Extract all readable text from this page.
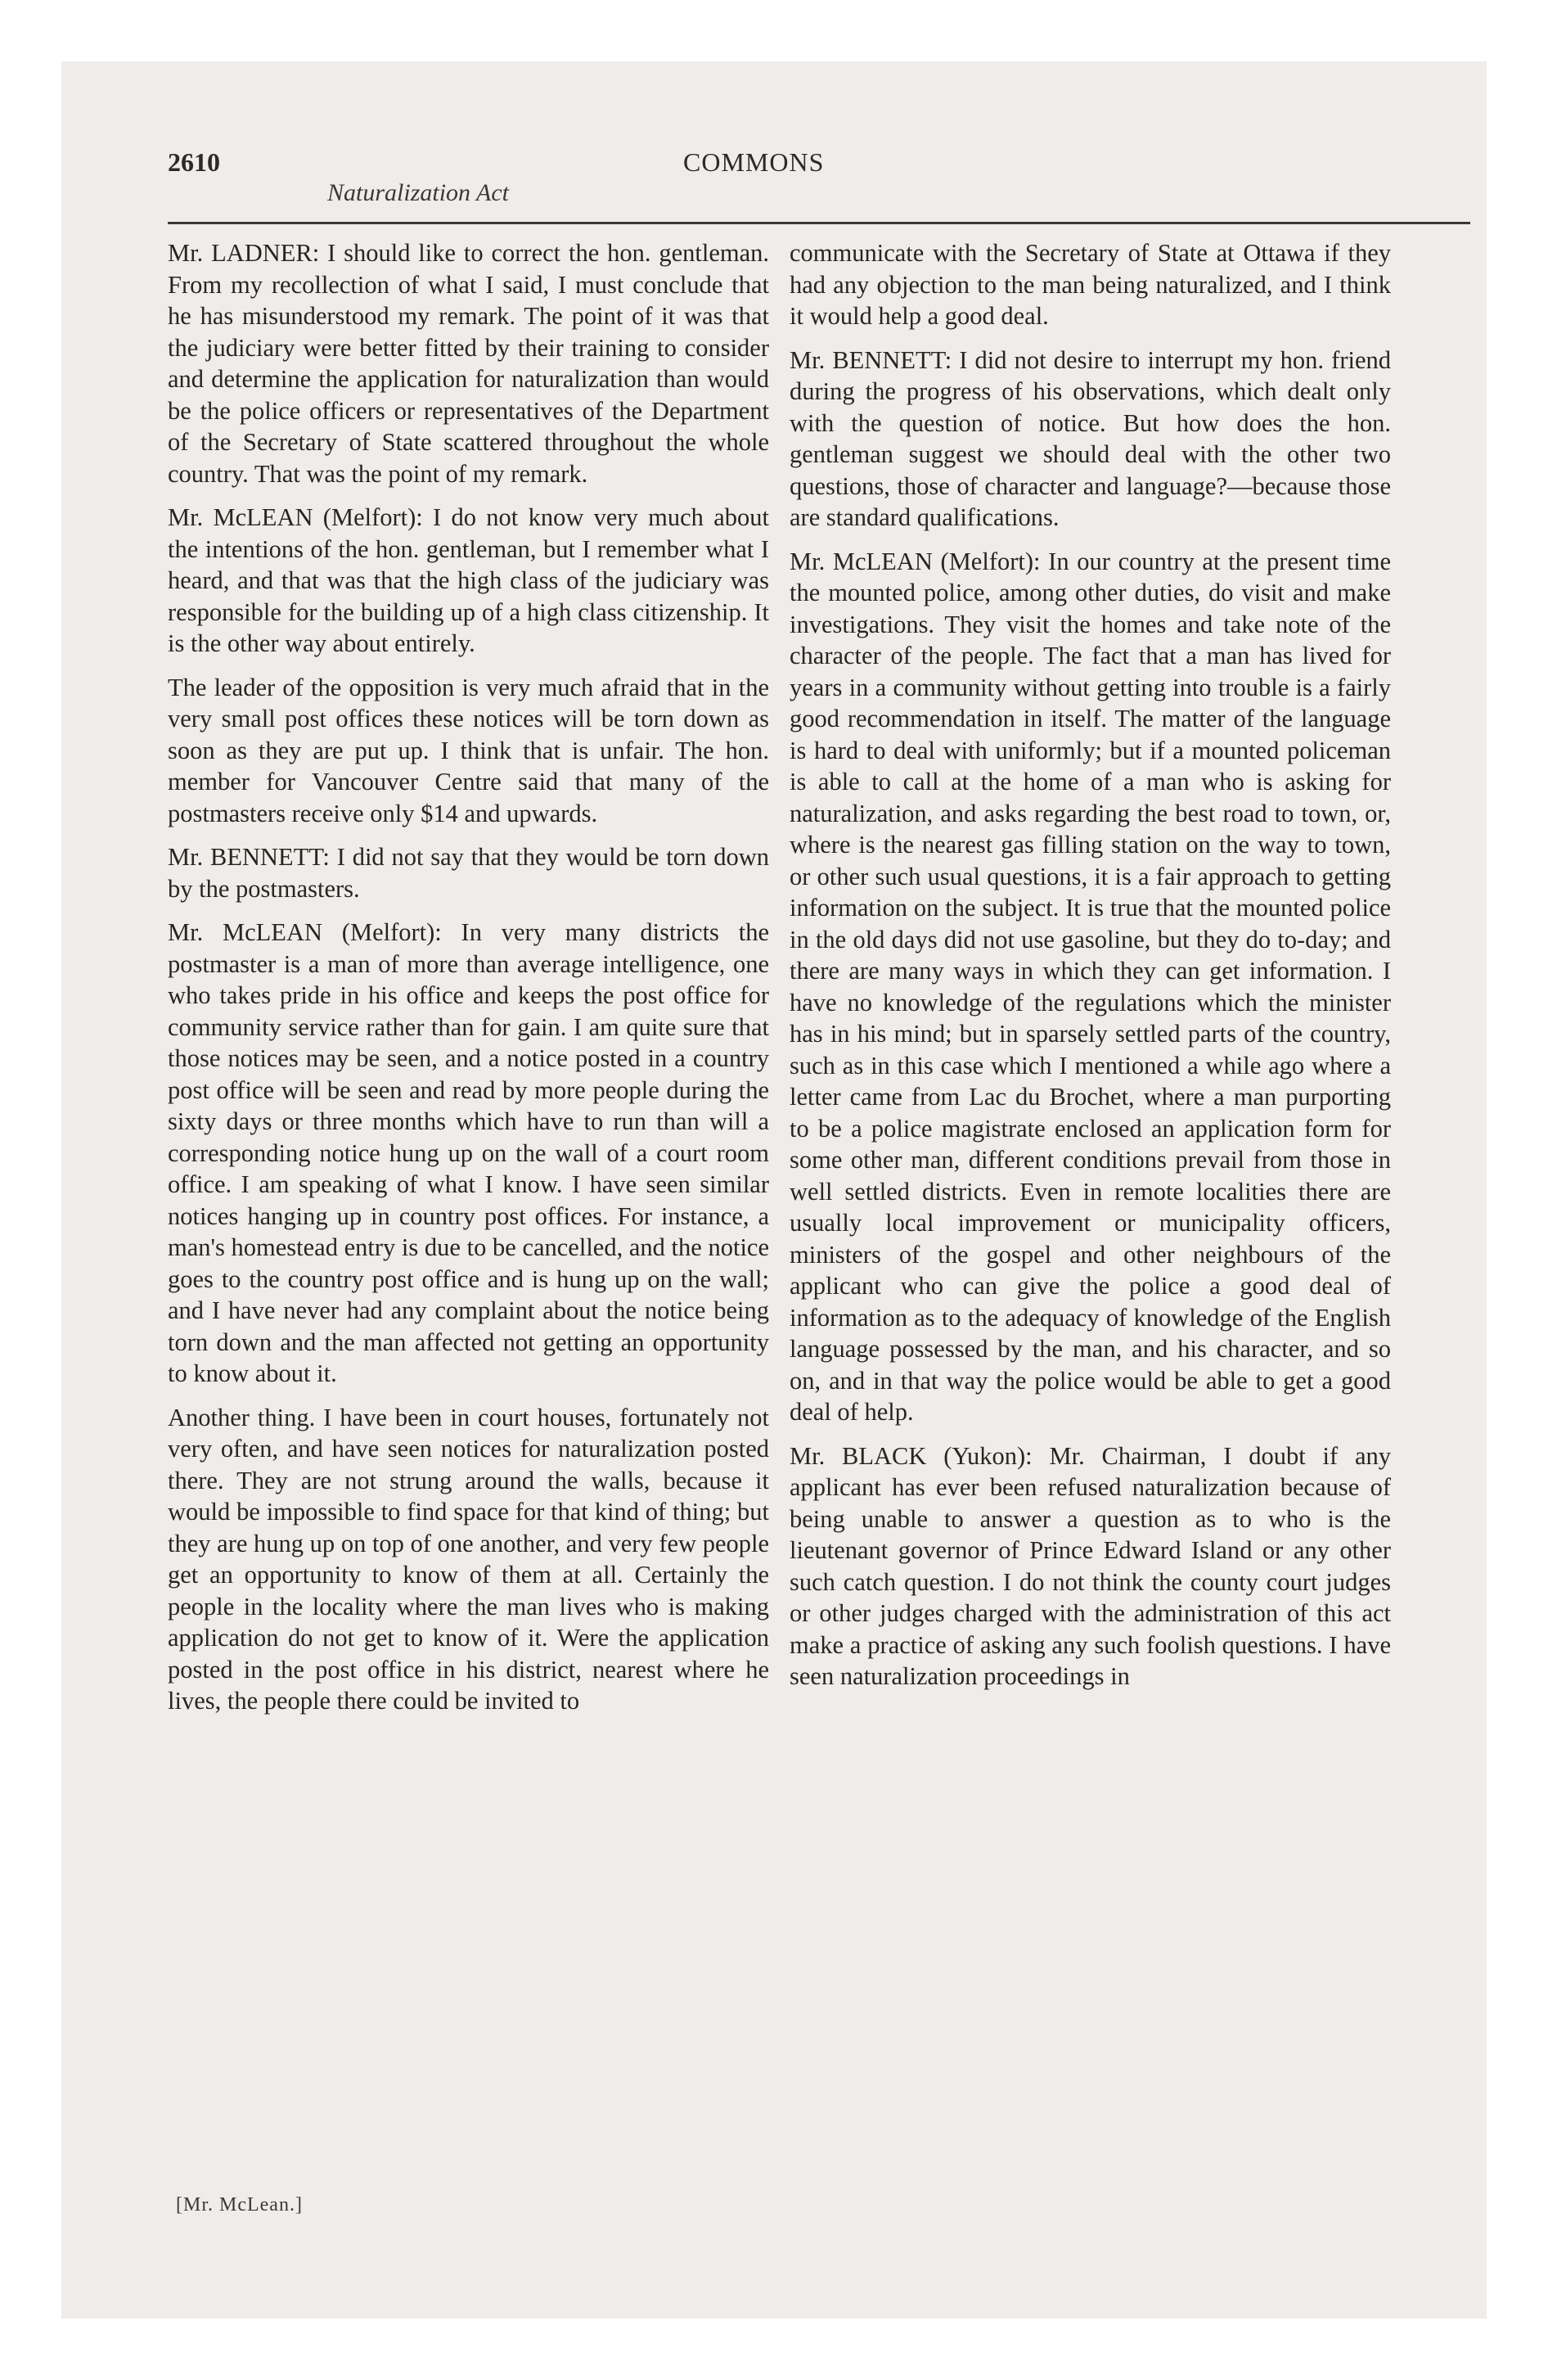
2610	COMMONS
Naturalization Act

Mr. LADNER: I should like to correct the hon. gentleman. From my recollection of what I said, I must conclude that he has misunderstood my remark. The point of it was that the judiciary were better fitted by their training to consider and determine the application for naturalization than would be the police officers or representatives of the Department of the Secretary of State scattered throughout the whole country. That was the point of my remark.

Mr. McLEAN (Melfort): I do not know very much about the intentions of the hon. gentleman, but I remember what I heard, and that was that the high class of the judiciary was responsible for the building up of a high class citizenship. It is the other way about entirely.

The leader of the opposition is very much afraid that in the very small post offices these notices will be torn down as soon as they are put up. I think that is unfair. The hon. member for Vancouver Centre said that many of the postmasters receive only $14 and upwards.

Mr. BENNETT: I did not say that they would be torn down by the postmasters.

Mr. McLEAN (Melfort): In very many districts the postmaster is a man of more than average intelligence, one who takes pride in his office and keeps the post office for community service rather than for gain. I am quite sure that those notices may be seen, and a notice posted in a country post office will be seen and read by more people during the sixty days or three months which have to run than will a corresponding notice hung up on the wall of a court room office. I am speaking of what I know. I have seen similar notices hanging up in country post offices. For instance, a man's homestead entry is due to be cancelled, and the notice goes to the country post office and is hung up on the wall; and I have never had any complaint about the notice being torn down and the man affected not getting an opportunity to know about it.

Another thing. I have been in court houses, fortunately not very often, and have seen notices for naturalization posted there. They are not strung around the walls, because it would be impossible to find space for that kind of thing; but they are hung up on top of one another, and very few people get an opportunity to know of them at all. Certainly the people in the locality where the man lives who is making application do not get to know of it. Were the application posted in the post office in his district, nearest where he lives, the people there could be invited to

communicate with the Secretary of State at Ottawa if they had any objection to the man being naturalized, and I think it would help a good deal.

Mr. BENNETT: I did not desire to interrupt my hon. friend during the progress of his observations, which dealt only with the question of notice. But how does the hon. gentleman suggest we should deal with the other two questions, those of character and language?—because those are standard qualifications.

Mr. McLEAN (Melfort): In our country at the present time the mounted police, among other duties, do visit and make investigations. They visit the homes and take note of the character of the people. The fact that a man has lived for years in a community without getting into trouble is a fairly good recommendation in itself. The matter of the language is hard to deal with uniformly; but if a mounted policeman is able to call at the home of a man who is asking for naturalization, and asks regarding the best road to town, or, where is the nearest gas filling station on the way to town, or other such usual questions, it is a fair approach to getting information on the subject. It is true that the mounted police in the old days did not use gasoline, but they do to-day; and there are many ways in which they can get information. I have no knowledge of the regulations which the minister has in his mind; but in sparsely settled parts of the country, such as in this case which I mentioned a while ago where a letter came from Lac du Brochet, where a man purporting to be a police magistrate enclosed an application form for some other man, different conditions prevail from those in well settled districts. Even in remote localities there are usually local improvement or municipality officers, ministers of the gospel and other neighbours of the applicant who can give the police a good deal of information as to the adequacy of knowledge of the English language possessed by the man, and his character, and so on, and in that way the police would be able to get a good deal of help.

Mr. BLACK (Yukon): Mr. Chairman, I doubt if any applicant has ever been refused naturalization because of being unable to answer a question as to who is the lieutenant governor of Prince Edward Island or any other such catch question. I do not think the county court judges or other judges charged with the administration of this act make a practice of asking any such foolish questions. I have seen naturalization proceedings in

[Mr. McLean.]
